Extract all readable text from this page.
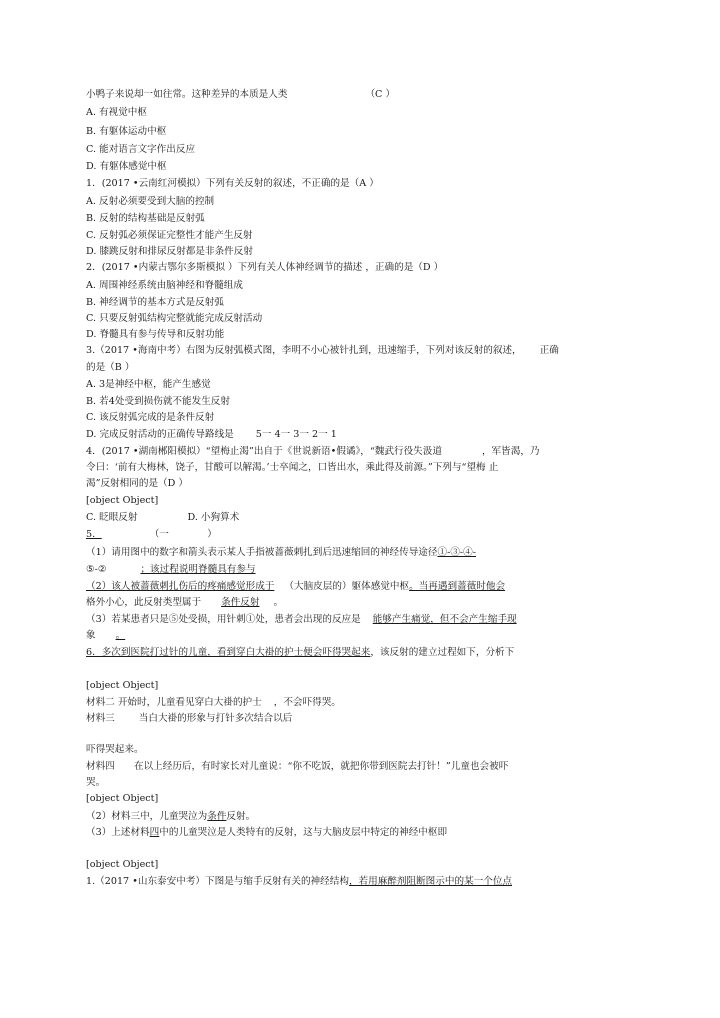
小鸭子来说却一如往常。这种差异的本质是人类	（C ）
A. 有视觉中枢
B. 有躯体运动中枢
C. 能对语言文字作出反应
D. 有躯体感觉中枢
1．(2017 •云南红河模拟）下列有关反射的叙述，不正确的是（A ）
A. 反射必须要受到大脑的控制
B. 反射的结构基础是反射弧
C. 反射弧必须保证完整性才能产生反射
D. 膝跳反射和排尿反射都是非条件反射
2．(2017 •内蒙古鄂尔多斯模拟 ）下列有关人体神经调节的描述 ，正确的是（D ）
A. 周围神经系统由脑神经和脊髓组成
B. 神经调节的基本方式是反射弧
C. 只要反射弧结构完整就能完成反射活动
D. 脊髓具有参与传导和反射功能
3.（2017 •海南中考）右图为反射弧模式图，李明不小心被针扎到，迅速缩手，下列对该反射的叙述， 正确
的是（B ）
A. 3是神经中枢，能产生感觉
B. 若4处受到损伤就不能发生反射
C. 该反射弧完成的是条件反射
D. 完成反射活动的正确传导路线是 5一 4一 3一 2一 1
4．(2017 •湖南郴阳模拟）“望梅止渴”出自于《世说新语•假谲》，“魏武行役失汲道	，军皆渴，乃
令曰：‘前有大梅林，饶子，甘酸可以解渴。’士卒闻之，口皆出水，乘此得及前源。”下列与“望梅 止
渴”反射相同的是（D ）
[object Object]
C. 眨眼反射	D. 小狗算术
5．	（一　　　　）
（1）请用图中的数字和箭头表示某人手指被蔷薇刺扎到后迅速缩回的神经传导途径①-③-④-
⑤-②	；该过程说明脊髓具有参与
（2）该人被蔷薇刺扎伤后的疼痛感觉形成于 （大脑皮层的）躯体感觉中枢。当再遇到蔷薇时他会
格外小心，此反射类型属于 条件反射 。
（3）若某患者只是⑤处受损，用针刺①处，患者会出现的反应是 能够产生痛觉，但不会产生缩手现
象 。
6．多次到医院打过针的儿童，看到穿白大褂的护士便会吓得哭起来，该反射的建立过程如下，分析下
[object Object]
材料二 开始时，儿童看见穿白大褂的护士 ，不会吓得哭。
材料三	当白大褂的形象与打针多次结合以后
吓得哭起来。
材料四　　在以上经历后，有时家长对儿童说：“你不吃饭，就把你带到医院去打针！”儿童也会被吓
哭。
[object Object]
（2）材料三中，儿童哭泣为条件反射。
（3）上述材料四中的儿童哭泣是人类特有的反射，这与大脑皮层中特定的神经中枢即
[object Object]
1.（2017 •山东泰安中考）下图是与缩手反射有关的神经结构，若用麻醉剂阻断图示中的某一个位点
